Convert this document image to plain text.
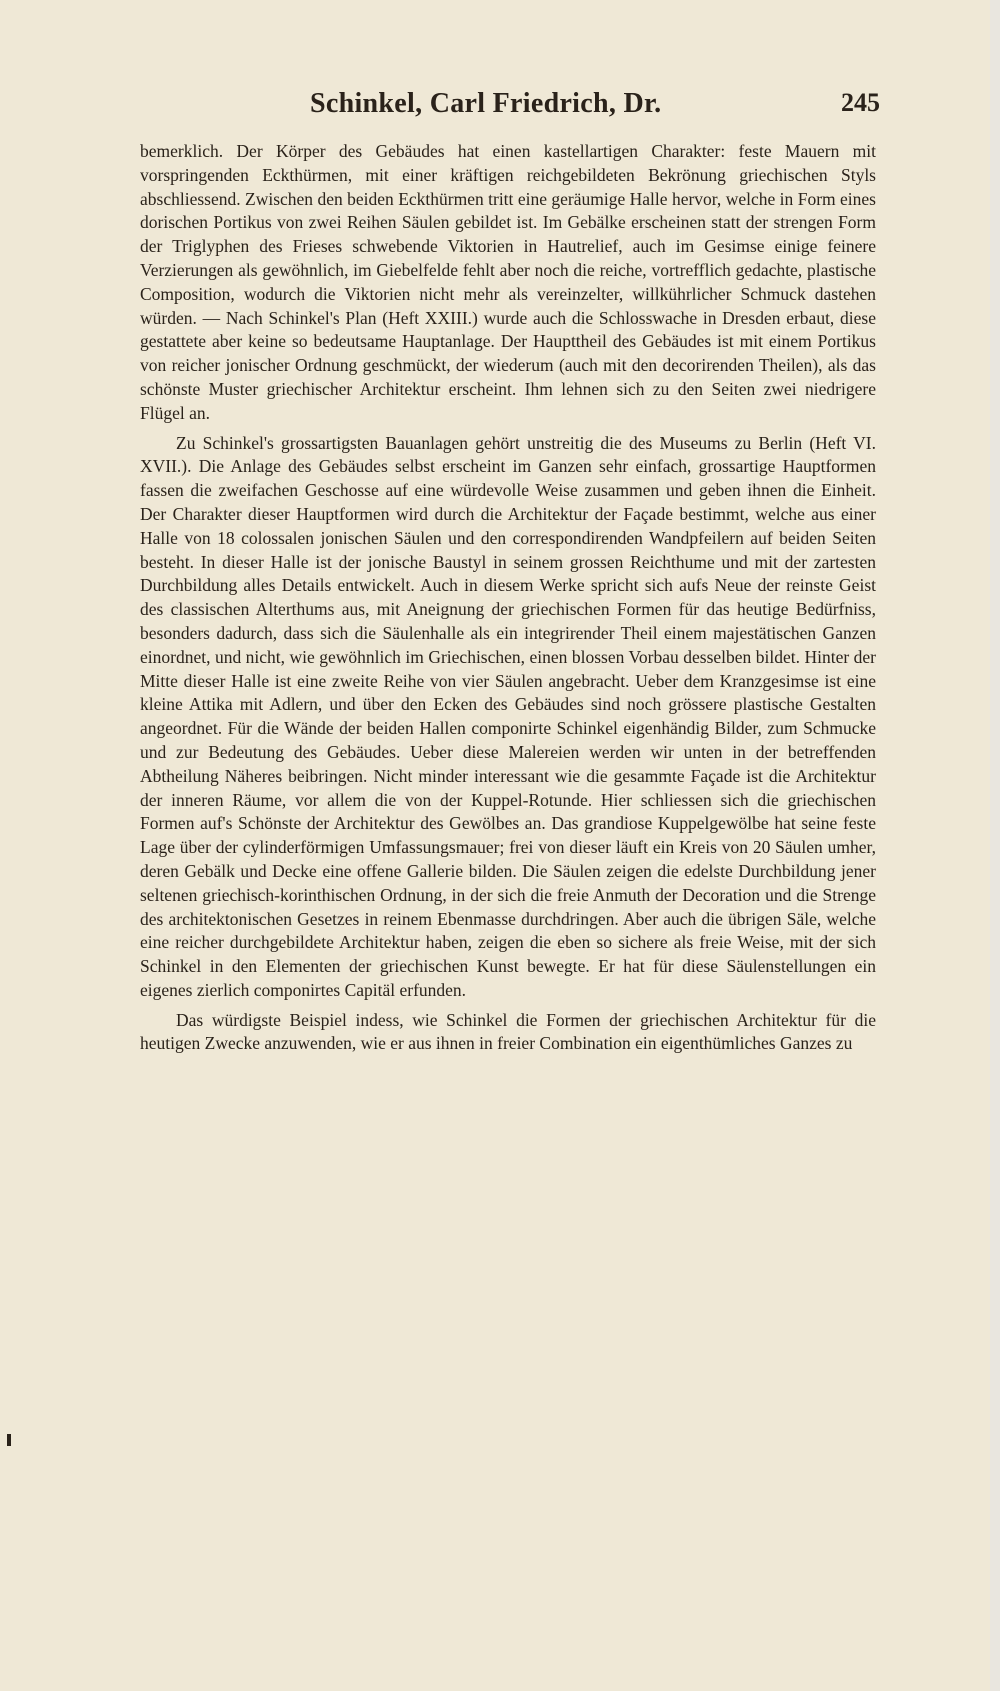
Schinkel, Carl Friedrich, Dr.	245

bemerklich. Der Körper des Gebäudes hat einen kastellartigen Charakter: feste Mauern mit vorspringenden Eckthürmen, mit einer kräftigen reichgebildeten Bekrönung griechischen Styls abschliessend. Zwischen den beiden Eckthürmen tritt eine geräumige Halle hervor, welche in Form eines dorischen Portikus von zwei Reihen Säulen gebildet ist. Im Gebälke erscheinen statt der strengen Form der Triglyphen des Frieses schwebende Viktorien in Hautrelief, auch im Gesimse einige feinere Verzierungen als gewöhnlich, im Giebelfelde fehlt aber noch die reiche, vortrefflich gedachte, plastische Composition, wodurch die Viktorien nicht mehr als vereinzelter, willkührlicher Schmuck dastehen würden. — Nach Schinkel's Plan (Heft XXIII.) wurde auch die Schlosswache in Dresden erbaut, diese gestattete aber keine so bedeutsame Hauptanlage. Der Haupttheil des Gebäudes ist mit einem Portikus von reicher jonischer Ordnung geschmückt, der wiederum (auch mit den decorirenden Theilen), als das schönste Muster griechischer Architektur erscheint. Ihm lehnen sich zu den Seiten zwei niedrigere Flügel an.

Zu Schinkel's grossartigsten Bauanlagen gehört unstreitig die des Museums zu Berlin (Heft VI. XVII.). Die Anlage des Gebäudes selbst erscheint im Ganzen sehr einfach, grossartige Hauptformen fassen die zweifachen Geschosse auf eine würdevolle Weise zusammen und geben ihnen die Einheit. Der Charakter dieser Hauptformen wird durch die Architektur der Façade bestimmt, welche aus einer Halle von 18 colossalen jonischen Säulen und den correspondirenden Wandpfeilern auf beiden Seiten besteht. In dieser Halle ist der jonische Baustyl in seinem grossen Reichthume und mit der zartesten Durchbildung alles Details entwickelt. Auch in diesem Werke spricht sich aufs Neue der reinste Geist des classischen Alterthums aus, mit Aneignung der griechischen Formen für das heutige Bedürfniss, besonders dadurch, dass sich die Säulenhalle als ein integrirender Theil einem majestätischen Ganzen einordnet, und nicht, wie gewöhnlich im Griechischen, einen blossen Vorbau desselben bildet. Hinter der Mitte dieser Halle ist eine zweite Reihe von vier Säulen angebracht. Ueber dem Kranzgesimse ist eine kleine Attika mit Adlern, und über den Ecken des Gebäudes sind noch grössere plastische Gestalten angeordnet. Für die Wände der beiden Hallen componirte Schinkel eigenhändig Bilder, zum Schmucke und zur Bedeutung des Gebäudes. Ueber diese Malereien werden wir unten in der betreffenden Abtheilung Näheres beibringen. Nicht minder interessant wie die gesammte Façade ist die Architektur der inneren Räume, vor allem die von der Kuppel-Rotunde. Hier schliessen sich die griechischen Formen auf's Schönste der Architektur des Gewölbes an. Das grandiose Kuppelgewölbe hat seine feste Lage über der cylinderförmigen Umfassungsmauer; frei von dieser läuft ein Kreis von 20 Säulen umher, deren Gebälk und Decke eine offene Gallerie bilden. Die Säulen zeigen die edelste Durchbildung jener seltenen griechisch-korinthischen Ordnung, in der sich die freie Anmuth der Decoration und die Strenge des architektonischen Gesetzes in reinem Ebenmasse durchdringen. Aber auch die übrigen Säle, welche eine reicher durchgebildete Architektur haben, zeigen die eben so sichere als freie Weise, mit der sich Schinkel in den Elementen der griechischen Kunst bewegte. Er hat für diese Säulenstellungen ein eigenes zierlich componirtes Capitäl erfunden.

Das würdigste Beispiel indess, wie Schinkel die Formen der griechischen Architektur für die heutigen Zwecke anzuwenden, wie er aus ihnen in freier Combination ein eigenthümliches Ganzes zu
